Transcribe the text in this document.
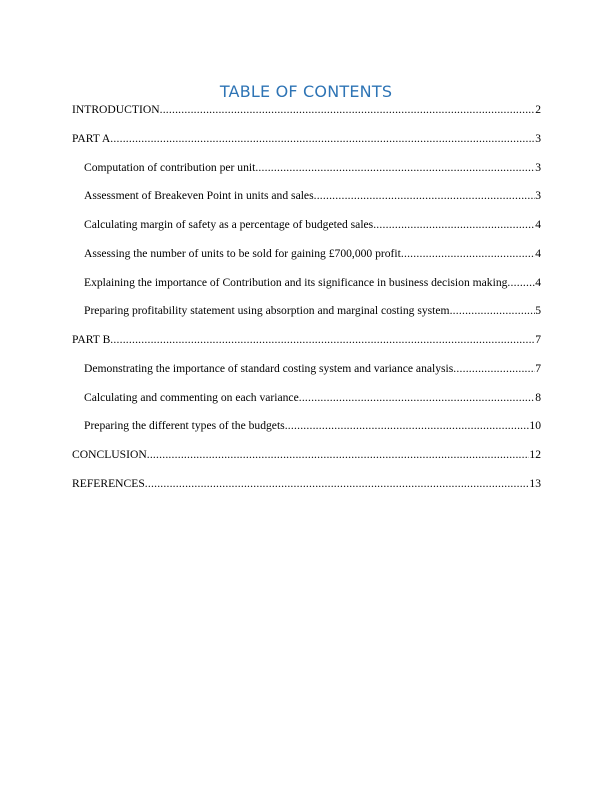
TABLE OF CONTENTS
INTRODUCTION .....	2
PART A .....	3
Computation of contribution per unit .....	3
Assessment of Breakeven Point in units and sales .....	3
Calculating margin of safety as a percentage of budgeted sales .....	4
Assessing the number of units to be sold for gaining £700,000 profit .....	4
Explaining the importance of Contribution and its significance in business decision making ..... 4
Preparing profitability statement using absorption and marginal costing system .....	5
PART B .....	7
Demonstrating the importance of standard costing system and variance analysis .....	7
Calculating and commenting on each variance .....	8
Preparing the different types of the budgets .....	10
CONCLUSION .....	12
REFERENCES .....	13
